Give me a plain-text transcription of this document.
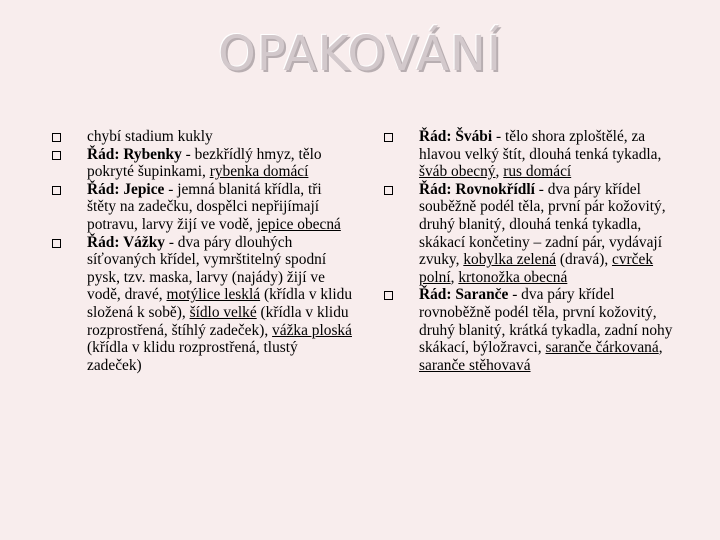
OPAKOVÁNÍ
chybí stadium kukly
Řád: Rybenky - bezkřídlý hmyz, tělo pokryté šupinkami, rybenka domácí
Řád: Jepice - jemná blanitá křídla, tři štěty na zadečku, dospělci nepřijímají potravu, larvy žijí ve vodě, jepice obecná
Řád: Vážky - dva páry dlouhých síťovaných křídel, vymrštitelný spodní pysk, tzv. maska, larvy (najády) žijí ve vodě, dravé, motýlice lesklá (křídla v klidu složená k sobě), šídlo velké (křídla v klidu rozprostřená, štíhlý zadeček), vážka ploská (křídla v klidu rozprostřená, tlustý zadeček)
Řád: Švábi - tělo shora zploštělé, za hlavou velký štít, dlouhá tenká tykadla, šváb obecný, rus domácí
Řád: Rovnokřídlí - dva páry křídel souběžně podél těla, první pár kožovitý, druhý blanitý, dlouhá tenká tykadla, skákací končetiny – zadní pár, vydávají zvuky, kobylka zelená (dravá), cvrček polní, krtonožka obecná
Řád: Saranče - dva páry křídel rovnoběžně podél těla, první kožovitý, druhý blanitý, krátká tykadla, zadní nohy skákací, býložravci, saranče čárkovaná, saranče stěhovavá
